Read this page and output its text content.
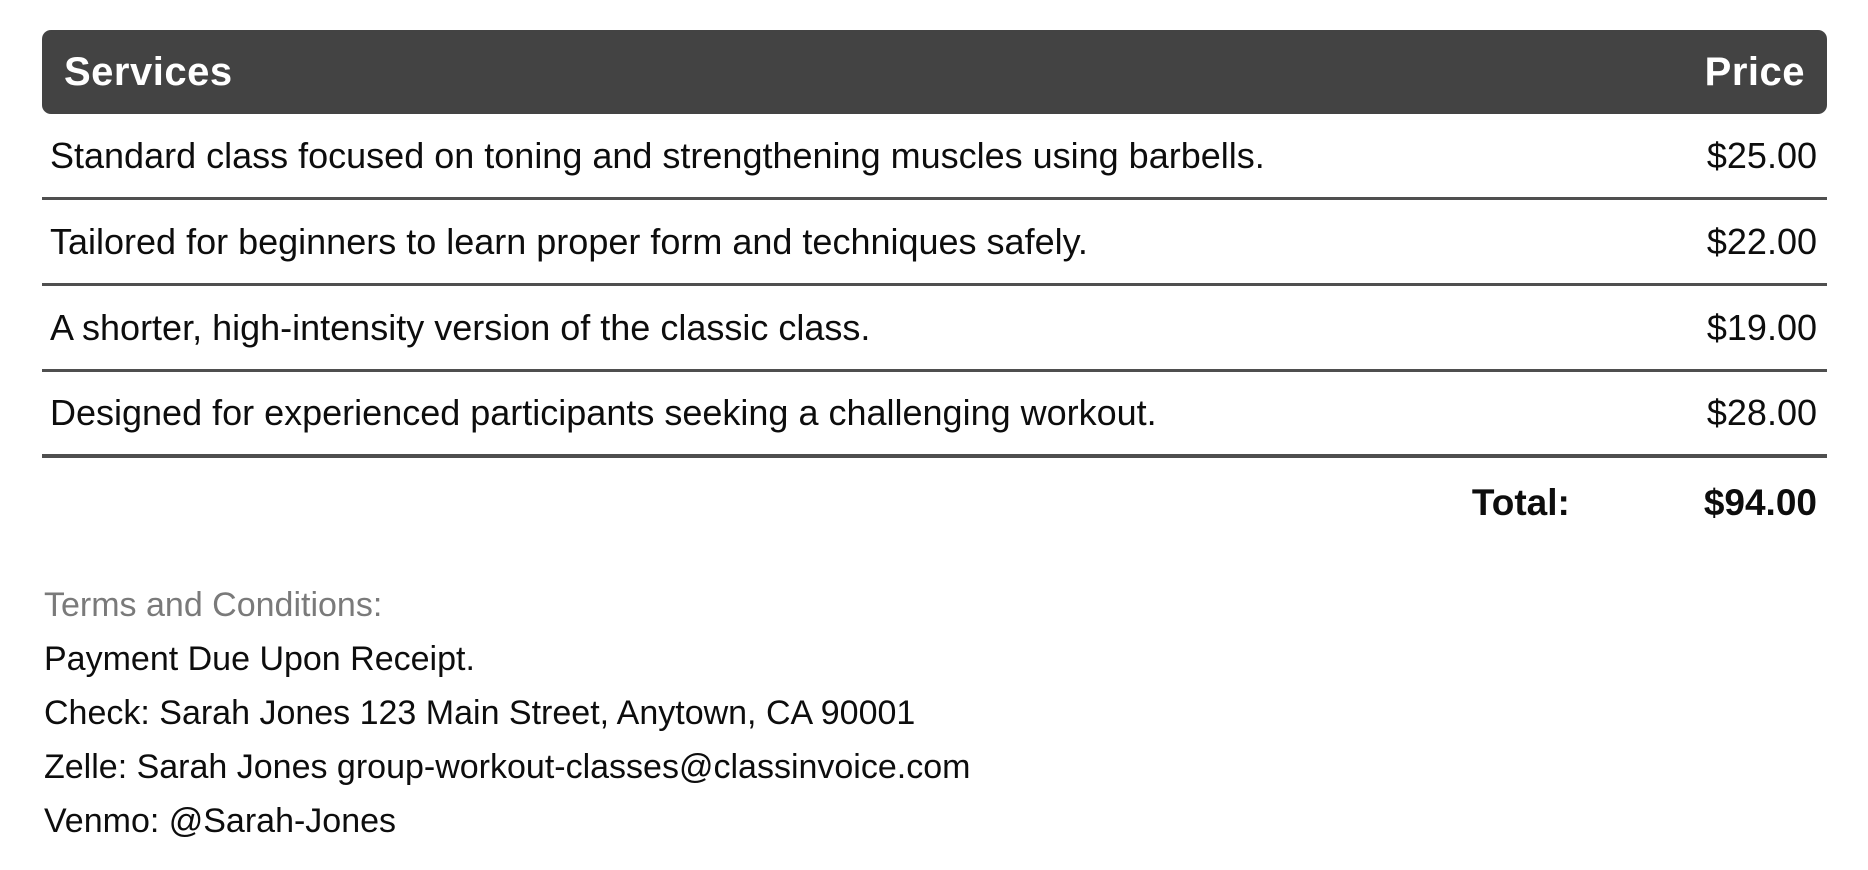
Services	Price
Standard class focused on toning and strengthening muscles using barbells.	$25.00
Tailored for beginners to learn proper form and techniques safely.	$22.00
A shorter, high-intensity version of the classic class.	$19.00
Designed for experienced participants seeking a challenging workout.	$28.00
Total:	$94.00
Terms and Conditions:
Payment Due Upon Receipt.
Check: Sarah Jones 123 Main Street, Anytown, CA 90001
Zelle: Sarah Jones group-workout-classes@classinvoice.com
Venmo: @Sarah-Jones
